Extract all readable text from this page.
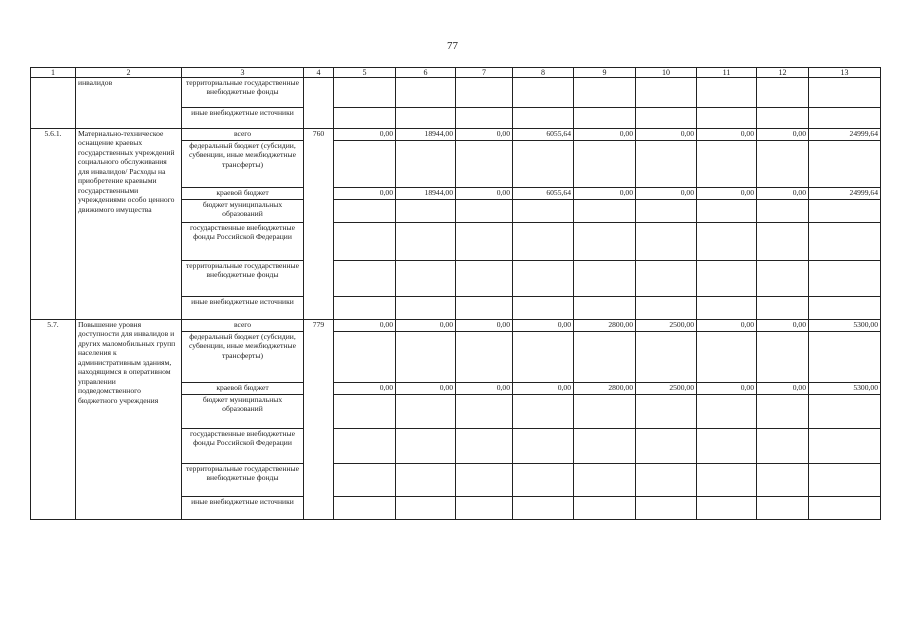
77
1	2	3	4	5	6	7	8	9	10	11	12	13
	инвалидов	территориальные государственные внебюджетные фонды										
		иные внебюджетные источники										
5.6.1.	Материально-техническое оснащение краевых государственных учреждений социального обслуживания для инвалидов/ Расходы на приобретение краевыми государственными учреждениями особо ценного движимого имущества	всего	760	0,00	18944,00	0,00	6055,64	0,00	0,00	0,00	0,00	24999,64
		федеральный бюджет (субсидии, субвенции, иные межбюджетные трансферты)										
		краевой бюджет		0,00	18944,00	0,00	6055,64	0,00	0,00	0,00	0,00	24999,64
		бюджет муниципальных образований										
		государственные внебюджетные фонды Российской Федерации										
		территориальные государственные внебюджетные фонды										
		иные внебюджетные источники										
5.7.	Повышение уровня доступности для инвалидов и других маломобильных групп населения к административным зданиям, находящимся в оперативном управлении подведомственного бюджетного учреждения	всего	779	0,00	0,00	0,00	0,00	2800,00	2500,00	0,00	0,00	5300,00
		федеральный бюджет (субсидии, субвенции, иные межбюджетные трансферты)										
		краевой бюджет		0,00	0,00	0,00	0,00	2800,00	2500,00	0,00	0,00	5300,00
		бюджет муниципальных образований										
		государственные внебюджетные фонды Российской Федерации										
		территориальные государственные внебюджетные фонды										
		иные внебюджетные источники										
